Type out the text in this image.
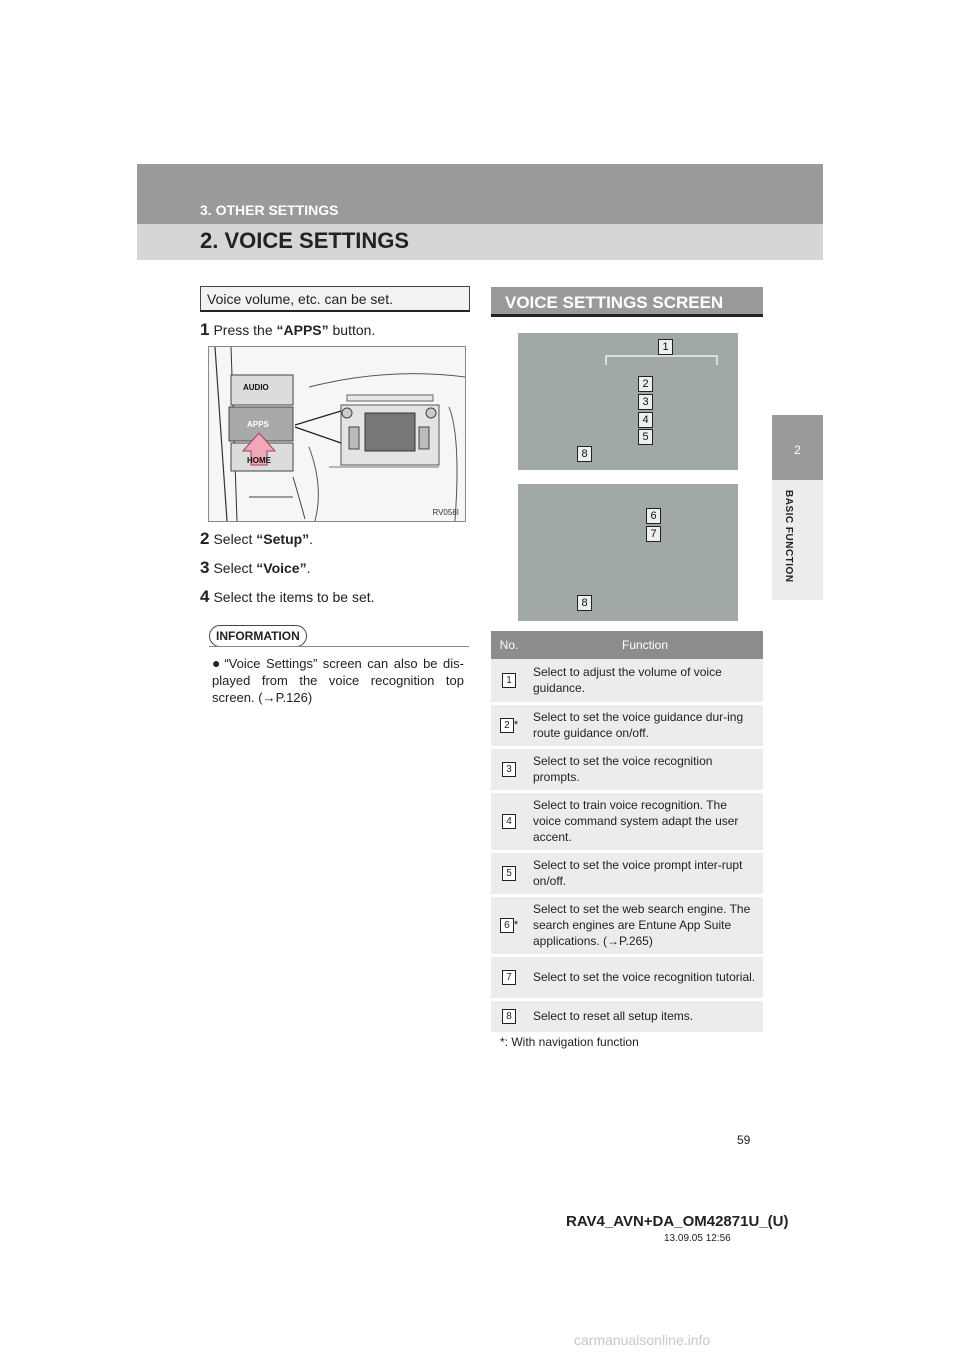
3. OTHER SETTINGS
2. VOICE SETTINGS
2
BASIC FUNCTION
Voice volume, etc. can be set.
1 Press the “APPS” button.
AUDIO
APPS
HOME
RV058I
2 Select “Setup”.
3 Select “Voice”.
4 Select the items to be set.
INFORMATION
● “Voice Settings” screen can also be dis-played from the voice recognition top screen. (→P.126)
VOICE SETTINGS SCREEN
1
2
3
4
5
8
6
7
8
No.	Function
1	Select to adjust the volume of voice guidance.
2 *	Select to set the voice guidance dur-ing route guidance on/off.
3	Select to set the voice recognition prompts.
4	Select to train voice recognition. The voice command system adapt the user accent.
5	Select to set the voice prompt inter-rupt on/off.
6 *	Select to set the web search engine. The search engines are Entune App Suite applications. (→P.265)
7	Select to set the voice recognition tutorial.
8	Select to reset all setup items.
*: With navigation function
59
RAV4_AVN+DA_OM42871U_(U)
13.09.05 12:56
carmanualsonline.info
